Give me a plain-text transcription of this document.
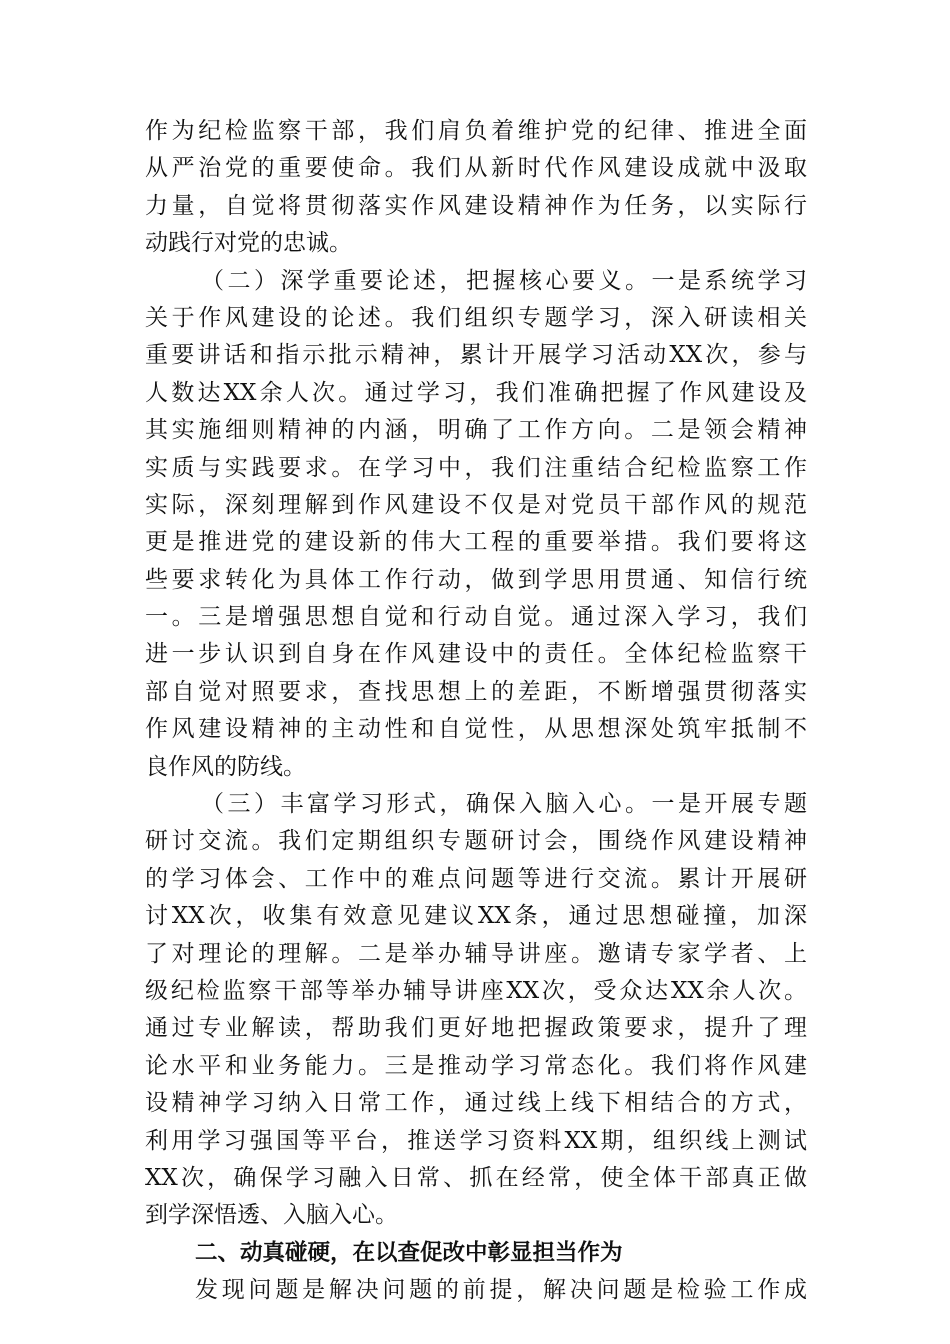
作为纪检监察干部，我们肩负着维护党的纪律、推进全面
从严治党的重要使命。我们从新时代作风建设成就中汲取
力量，自觉将贯彻落实作风建设精神作为任务，以实际行
动践行对党的忠诚。
（二）深学重要论述，把握核心要义。一是系统学习
关于作风建设的论述。我们组织专题学习，深入研读相关
重要讲话和指示批示精神，累计开展学习活动XX次，参与
人数达XX余人次。通过学习，我们准确把握了作风建设及
其实施细则精神的内涵，明确了工作方向。二是领会精神
实质与实践要求。在学习中，我们注重结合纪检监察工作
实际，深刻理解到作风建设不仅是对党员干部作风的规范
更是推进党的建设新的伟大工程的重要举措。我们要将这
些要求转化为具体工作行动，做到学思用贯通、知信行统
一。三是增强思想自觉和行动自觉。通过深入学习，我们
进一步认识到自身在作风建设中的责任。全体纪检监察干
部自觉对照要求，查找思想上的差距，不断增强贯彻落实
作风建设精神的主动性和自觉性，从思想深处筑牢抵制不
良作风的防线。
（三）丰富学习形式，确保入脑入心。一是开展专题
研讨交流。我们定期组织专题研讨会，围绕作风建设精神
的学习体会、工作中的难点问题等进行交流。累计开展研
讨XX次，收集有效意见建议XX条，通过思想碰撞，加深
了对理论的理解。二是举办辅导讲座。邀请专家学者、上
级纪检监察干部等举办辅导讲座XX次，受众达XX余人次。
通过专业解读，帮助我们更好地把握政策要求，提升了理
论水平和业务能力。三是推动学习常态化。我们将作风建
设精神学习纳入日常工作，通过线上线下相结合的方式，
利用学习强国等平台，推送学习资料XX期，组织线上测试
XX次，确保学习融入日常、抓在经常，使全体干部真正做
到学深悟透、入脑入心。
二、动真碰硬，在以查促改中彰显担当作为
发现问题是解决问题的前提，解决问题是检验工作成
